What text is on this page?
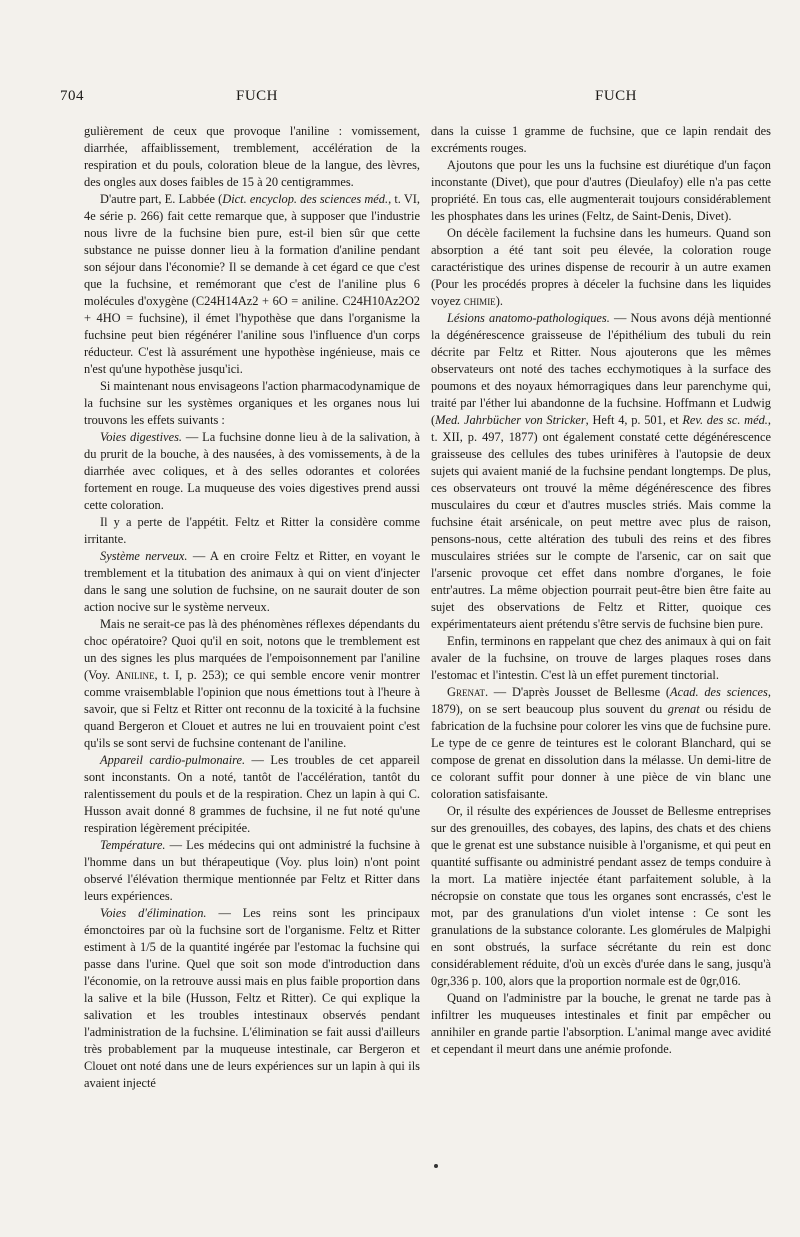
704	FUCH	FUCH

gulièrement de ceux que provoque l'aniline : vomissement, diarrhée, affaiblissement, tremblement, accélération de la respiration et du pouls, coloration bleue de la langue, des lèvres, des ongles aux doses faibles de 15 à 20 centigrammes.

D'autre part, E. Labbée (Dict. encyclop. des sciences méd., t. VI, 4e série p. 266) fait cette remarque que, à supposer que l'industrie nous livre de la fuchsine bien pure, est-il bien sûr que cette substance ne puisse donner lieu à la formation d'aniline pendant son séjour dans l'économie? Il se demande à cet égard ce que c'est que la fuchsine, et remémorant que c'est de l'aniline plus 6 molécules d'oxygène (C24H14Az2 + 6O = aniline. C24H10Az2O2 + 4HO = fuchsine), il émet l'hypothèse que dans l'organisme la fuchsine peut bien régénérer l'aniline sous l'influence d'un corps réducteur. C'est là assurément une hypothèse ingénieuse, mais ce n'est qu'une hypothèse jusqu'ici.

Si maintenant nous envisageons l'action pharmacodynamique de la fuchsine sur les systèmes organiques et les organes nous lui trouvons les effets suivants :

Voies digestives. — La fuchsine donne lieu à de la salivation, à du prurit de la bouche, à des nausées, à des vomissements, à de la diarrhée avec coliques, et à des selles odorantes et colorées fortement en rouge. La muqueuse des voies digestives prend aussi cette coloration.

Il y a perte de l'appétit. Feltz et Ritter la considère comme irritante.

Système nerveux. — A en croire Feltz et Ritter, en voyant le tremblement et la titubation des animaux à qui on vient d'injecter dans le sang une solution de fuchsine, on ne saurait douter de son action nocive sur le système nerveux.

Mais ne serait-ce pas là des phénomènes réflexes dépendants du choc opératoire? Quoi qu'il en soit, notons que le tremblement est un des signes les plus marquées de l'empoisonnement par l'aniline (Voy. Aniline, t. I, p. 253); ce qui semble encore venir montrer comme vraisemblable l'opinion que nous émettions tout à l'heure à savoir, que si Feltz et Ritter ont reconnu de la toxicité à la fuchsine quand Bergeron et Clouet et autres ne lui en trouvaient point c'est qu'ils se sont servi de fuchsine contenant de l'aniline.

Appareil cardio-pulmonaire. — Les troubles de cet appareil sont inconstants. On a noté, tantôt de l'accélération, tantôt du ralentissement du pouls et de la respiration. Chez un lapin à qui C. Husson avait donné 8 grammes de fuchsine, il ne fut noté qu'une respiration légèrement précipitée.

Température. — Les médecins qui ont administré la fuchsine à l'homme dans un but thérapeutique (Voy. plus loin) n'ont point observé l'élévation thermique mentionnée par Feltz et Ritter dans leurs expériences.

Voies d'élimination. — Les reins sont les principaux émonctoires par où la fuchsine sort de l'organisme. Feltz et Ritter estiment à 1/5 de la quantité ingérée par l'estomac la fuchsine qui passe dans l'urine. Quel que soit son mode d'introduction dans l'économie, on la retrouve aussi mais en plus faible proportion dans la salive et la bile (Husson, Feltz et Ritter). Ce qui explique la salivation et les troubles intestinaux observés pendant l'administration de la fuchsine. L'élimination se fait aussi d'ailleurs très probablement par la muqueuse intestinale, car Bergeron et Clouet ont noté dans une de leurs expériences sur un lapin à qui ils avaient injecté

dans la cuisse 1 gramme de fuchsine, que ce lapin rendait des excréments rouges.

Ajoutons que pour les uns la fuchsine est diurétique d'un façon inconstante (Divet), que pour d'autres (Dieulafoy) elle n'a pas cette propriété. En tous cas, elle augmenterait toujours considérablement les phosphates dans les urines (Feltz, de Saint-Denis, Divet).

On décèle facilement la fuchsine dans les humeurs. Quand son absorption a été tant soit peu élevée, la coloration rouge caractéristique des urines dispense de recourir à un autre examen (Pour les procédés propres à déceler la fuchsine dans les liquides voyez chimie).

Lésions anatomo-pathologiques. — Nous avons déjà mentionné la dégénérescence graisseuse de l'épithélium des tubuli du rein décrite par Feltz et Ritter. Nous ajouterons que les mêmes observateurs ont noté des taches ecchymotiques à la surface des poumons et des noyaux hémorragiques dans leur parenchyme qui, traité par l'éther lui abandonne de la fuchsine. Hoffmann et Ludwig (Med. Jahrbücher von Stricker, Heft 4, p. 501, et Rev. des sc. méd., t. XII, p. 497, 1877) ont également constaté cette dégénérescence graisseuse des cellules des tubes urinifères à l'autopsie de deux sujets qui avaient manié de la fuchsine pendant longtemps. De plus, ces observateurs ont trouvé la même dégénérescence des fibres musculaires du cœur et d'autres muscles striés. Mais comme la fuchsine était arsénicale, on peut mettre avec plus de raison, pensons-nous, cette altération des tubuli des reins et des fibres musculaires striées sur le compte de l'arsenic, car on sait que l'arsenic provoque cet effet dans nombre d'organes, le foie entr'autres. La même objection pourrait peut-être bien être faite au sujet des observations de Feltz et Ritter, quoique ces expérimentateurs aient prétendu s'être servis de fuchsine bien pure.

Enfin, terminons en rappelant que chez des animaux à qui on fait avaler de la fuchsine, on trouve de larges plaques roses dans l'estomac et l'intestin. C'est là un effet purement tinctorial.

Grenat. — D'après Jousset de Bellesme (Acad. des sciences, 1879), on se sert beaucoup plus souvent du grenat ou résidu de fabrication de la fuchsine pour colorer les vins que de fuchsine pure. Le type de ce genre de teintures est le colorant Blanchard, qui se compose de grenat en dissolution dans la mélasse. Un demi-litre de ce colorant suffit pour donner à une pièce de vin blanc une coloration satisfaisante.

Or, il résulte des expériences de Jousset de Bellesme entreprises sur des grenouilles, des cobayes, des lapins, des chats et des chiens que le grenat est une substance nuisible à l'organisme, et qui peut en quantité suffisante ou administré pendant assez de temps conduire à la mort. La matière injectée étant parfaitement soluble, à la nécropsie on constate que tous les organes sont encrassés, c'est le mot, par des granulations d'un violet intense : Ce sont les granulations de la substance colorante. Les glomérules de Malpighi en sont obstrués, la surface sécrétante du rein est donc considérablement réduite, d'où un excès d'urée dans le sang, jusqu'à 0gr,336 p. 100, alors que la proportion normale est de 0gr,016.

Quand on l'administre par la bouche, le grenat ne tarde pas à infiltrer les muqueuses intestinales et finit par empêcher ou annihiler en grande partie l'absorption. L'animal mange avec avidité et cependant il meurt dans une anémie profonde.
